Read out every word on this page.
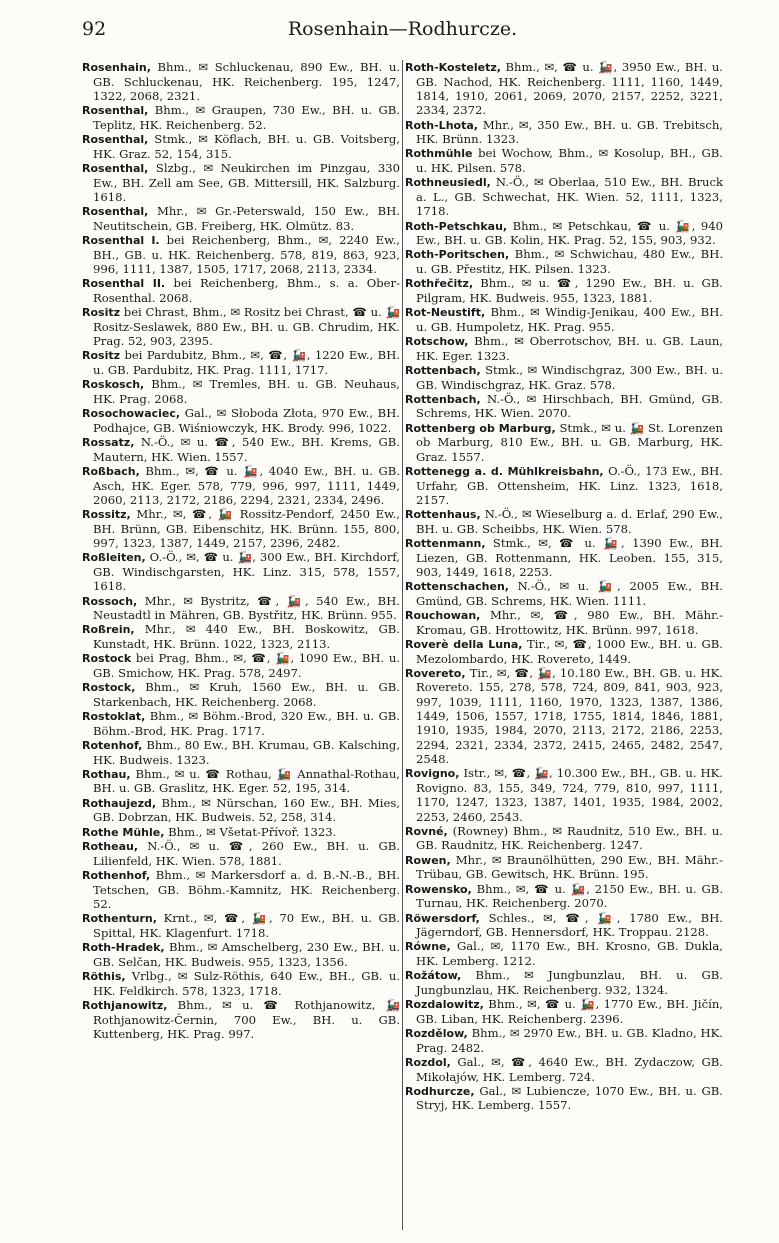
92	Rosenhain—Rodhurcze.

Rosenhain, Bhm., ✉ Schluckenau, 890 Ew., BH. u. GB. Schluckenau, HK. Reichenberg. 195, 1247, 1322, 2068, 2321.

Rosenthal, Bhm., ✉ Graupen, 730 Ew., BH. u. GB. Teplitz, HK. Reichenberg. 52.

Rosenthal, Stmk., ✉ Köflach, BH. u. GB. Voitsberg, HK. Graz. 52, 154, 315.

Rosenthal, Slzbg., ✉ Neukirchen im Pinzgau, 330 Ew., BH. Zell am See, GB. Mittersill, HK. Salzburg. 1618.

Rosenthal, Mhr., ✉ Gr.-Peterswald, 150 Ew., BH. Neutitschein, GB. Freiberg, HK. Olmütz. 83.

Rosenthal I. bei Reichenberg, Bhm., ✉, 2240 Ew., BH., GB. u. HK. Reichenberg. 578, 819, 863, 923, 996, 1111, 1387, 1505, 1717, 2068, 2113, 2334.

Rosenthal II. bei Reichenberg, Bhm., s. a. Ober-Rosenthal. 2068.

Rositz bei Chrast, Bhm., ✉ Rositz bei Chrast, ☎ u. 🚂 Rositz-Seslawek, 880 Ew., BH. u. GB. Chrudim, HK. Prag. 52, 903, 2395.

Rositz bei Pardubitz, Bhm., ✉, ☎, 🚂, 1220 Ew., BH. u. GB. Pardubitz, HK. Prag. 1111, 1717.

Roskosch, Bhm., ✉ Tremles, BH. u. GB. Neuhaus, HK. Prag. 2068.

Rosochowaciec, Gal., ✉ Słoboda Złota, 970 Ew., BH. Podhajce, GB. Wiśniowczyk, HK. Brody. 996, 1022.

Rossatz, N.-Ö., ✉ u. ☎, 540 Ew., BH. Krems, GB. Mautern, HK. Wien. 1557.

Roßbach, Bhm., ✉, ☎ u. 🚂, 4040 Ew., BH. u. GB. Asch, HK. Eger. 578, 779, 996, 997, 1111, 1449, 2060, 2113, 2172, 2186, 2294, 2321, 2334, 2496.

Rossitz, Mhr., ✉, ☎, 🚂 Rossitz-Pendorf, 2450 Ew., BH. Brünn, GB. Eibenschitz, HK. Brünn. 155, 800, 997, 1323, 1387, 1449, 2157, 2396, 2482.

Roßleiten, O.-Ö., ✉, ☎ u. 🚂, 300 Ew., BH. Kirchdorf, GB. Windischgarsten, HK. Linz. 315, 578, 1557, 1618.

Rossoch, Mhr., ✉ Bystritz, ☎, 🚂, 540 Ew., BH. Neustadtl in Mähren, GB. Bystřitz, HK. Brünn. 955.

Roßrein, Mhr., ✉ 440 Ew., BH. Boskowitz, GB. Kunstadt, HK. Brünn. 1022, 1323, 2113.

Rostock bei Prag, Bhm., ✉, ☎, 🚂, 1090 Ew., BH. u. GB. Smichow, HK. Prag. 578, 2497.

Rostock, Bhm., ✉ Kruh, 1560 Ew., BH. u. GB. Starkenbach, HK. Reichenberg. 2068.

Rostoklat, Bhm., ✉ Böhm.-Brod, 320 Ew., BH. u. GB. Böhm.-Brod, HK. Prag. 1717.

Rotenhof, Bhm., 80 Ew., BH. Krumau, GB. Kalsching, HK. Budweis. 1323.

Rothau, Bhm., ✉ u. ☎ Rothau, 🚂 Annathal-Rothau, BH. u. GB. Graslitz, HK. Eger. 52, 195, 314.

Rothaujezd, Bhm., ✉ Nürschan, 160 Ew., BH. Mies, GB. Dobrzan, HK. Budweis. 52, 258, 314.

Rothe Mühle, Bhm., ✉ Všetat-Přívoř. 1323.

Rotheau, N.-Ö., ✉ u. ☎, 260 Ew., BH. u. GB. Lilienfeld, HK. Wien. 578, 1881.

Rothenhof, Bhm., ✉ Markersdorf a. d. B.-N.-B., BH. Tetschen, GB. Böhm.-Kamnitz, HK. Reichenberg. 52.

Rothenturn, Krnt., ✉, ☎, 🚂, 70 Ew., BH. u. GB. Spittal, HK. Klagenfurt. 1718.

Roth-Hradek, Bhm., ✉ Amschelberg, 230 Ew., BH. u. GB. Selčan, HK. Budweis. 955, 1323, 1356.

Röthis, Vrlbg., ✉ Sulz-Röthis, 640 Ew., BH., GB. u. HK. Feldkirch. 578, 1323, 1718.

Rothjanowitz, Bhm., ✉ u. ☎ Rothjanowitz, 🚂 Rothjanowitz-Černin, 700 Ew., BH. u. GB. Kuttenberg, HK. Prag. 997.

Roth-Kosteletz, Bhm., ✉, ☎ u. 🚂, 3950 Ew., BH. u. GB. Nachod, HK. Reichenberg. 1111, 1160, 1449, 1814, 1910, 2061, 2069, 2070, 2157, 2252, 3221, 2334, 2372.

Roth-Lhota, Mhr., ✉, 350 Ew., BH. u. GB. Trebitsch, HK. Brünn. 1323.

Rothmühle bei Wochow, Bhm., ✉ Kosolup, BH., GB. u. HK. Pilsen. 578.

Rothneusiedl, N.-Ö., ✉ Oberlaa, 510 Ew., BH. Bruck a. L., GB. Schwechat, HK. Wien. 52, 1111, 1323, 1718.

Roth-Petschkau, Bhm., ✉ Petschkau, ☎ u. 🚂, 940 Ew., BH. u. GB. Kolin, HK. Prag. 52, 155, 903, 932.

Roth-Poritschen, Bhm., ✉ Schwichau, 480 Ew., BH. u. GB. Přestitz, HK. Pilsen. 1323.

Rothřečitz, Bhm., ✉ u. ☎, 1290 Ew., BH. u. GB. Pilgram, HK. Budweis. 955, 1323, 1881.

Rot-Neustift, Bhm., ✉ Windig-Jenikau, 400 Ew., BH. u. GB. Humpoletz, HK. Prag. 955.

Rotschow, Bhm., ✉ Oberrotschov, BH. u. GB. Laun, HK. Eger. 1323.

Rottenbach, Stmk., ✉ Windischgraz, 300 Ew., BH. u. GB. Windischgraz, HK. Graz. 578.

Rottenbach, N.-Ö., ✉ Hirschbach, BH. Gmünd, GB. Schrems, HK. Wien. 2070.

Rottenberg ob Marburg, Stmk., ✉ u. 🚂 St. Lorenzen ob Marburg, 810 Ew., BH. u. GB. Marburg, HK. Graz. 1557.

Rottenegg a. d. Mühlkreisbahn, O.-Ö., 173 Ew., BH. Urfahr, GB. Ottensheim, HK. Linz. 1323, 1618, 2157.

Rottenhaus, N.-Ö., ✉ Wieselburg a. d. Erlaf, 290 Ew., BH. u. GB. Scheibbs, HK. Wien. 578.

Rottenmann, Stmk., ✉, ☎ u. 🚂, 1390 Ew., BH. Liezen, GB. Rottenmann, HK. Leoben. 155, 315, 903, 1449, 1618, 2253.

Rottenschachen, N.-Ö., ✉ u. 🚂, 2005 Ew., BH. Gmünd, GB. Schrems, HK. Wien. 1111.

Rouchowan, Mhr., ✉, ☎, 980 Ew., BH. Mähr.-Kromau, GB. Hrottowitz, HK. Brünn. 997, 1618.

Roverè della Luna, Tir., ✉, ☎, 1000 Ew., BH. u. GB. Mezolombardo, HK. Rovereto, 1449.

Rovereto, Tir., ✉, ☎, 🚂, 10.180 Ew., BH. GB. u. HK. Rovereto. 155, 278, 578, 724, 809, 841, 903, 923, 997, 1039, 1111, 1160, 1970, 1323, 1387, 1386, 1449, 1506, 1557, 1718, 1755, 1814, 1846, 1881, 1910, 1935, 1984, 2070, 2113, 2172, 2186, 2253, 2294, 2321, 2334, 2372, 2415, 2465, 2482, 2547, 2548.

Rovigno, Istr., ✉, ☎, 🚂, 10.300 Ew., BH., GB. u. HK. Rovigno. 83, 155, 349, 724, 779, 810, 997, 1111, 1170, 1247, 1323, 1387, 1401, 1935, 1984, 2002, 2253, 2460, 2543.

Rovné, (Rowney) Bhm., ✉ Raudnitz, 510 Ew., BH. u. GB. Raudnitz, HK. Reichenberg. 1247.

Rowen, Mhr., ✉ Braunölhütten, 290 Ew., BH. Mähr.-Trübau, GB. Gewitsch, HK. Brünn. 195.

Rowensko, Bhm., ✉, ☎ u. 🚂, 2150 Ew., BH. u. GB. Turnau, HK. Reichenberg. 2070.

Röwersdorf, Schles., ✉, ☎, 🚂, 1780 Ew., BH. Jägerndorf, GB. Hennersdorf, HK. Troppau. 2128.

Równe, Gal., ✉, 1170 Ew., BH. Krosno, GB. Dukla, HK. Lemberg. 1212.

Rožátow, Bhm., ✉ Jungbunzlau, BH. u. GB. Jungbunzlau, HK. Reichenberg. 932, 1324.

Rozdalowitz, Bhm., ✉, ☎ u. 🚂, 1770 Ew., BH. Jičín, GB. Liban, HK. Reichenberg. 2396.

Rozdělow, Bhm., ✉ 2970 Ew., BH. u. GB. Kladno, HK. Prag. 2482.

Rozdol, Gal., ✉, ☎, 4640 Ew., BH. Zydaczow, GB. Mikołajów, HK. Lemberg. 724.

Rodhurcze, Gal., ✉ Lubiencze, 1070 Ew., BH. u. GB. Stryj, HK. Lemberg. 1557.
